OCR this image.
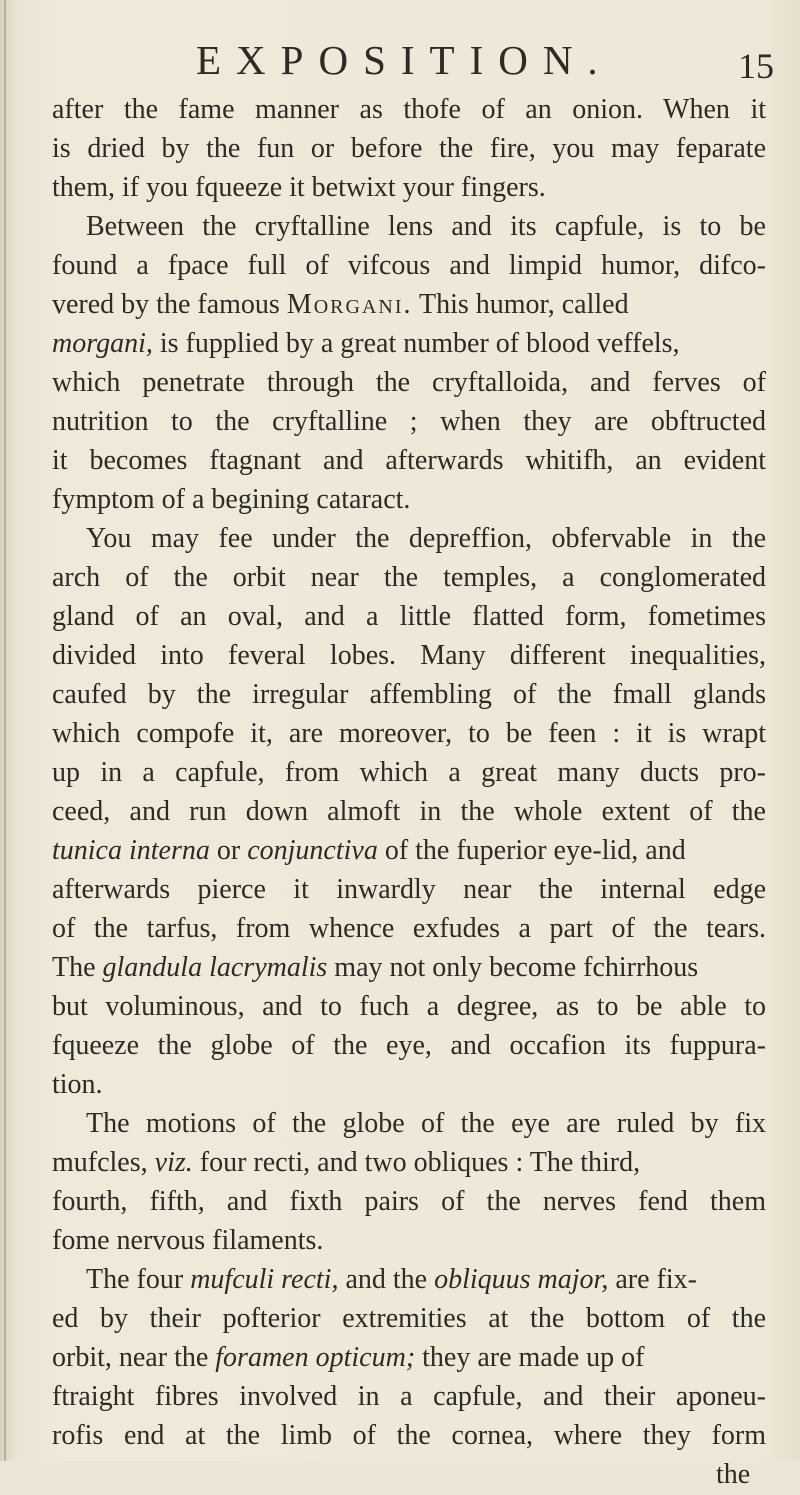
EXPOSITION.	15
after the fame manner as thofe of an onion. When it
is dried by the fun or before the fire, you may feparate
them, if you fqueeze it betwixt your fingers.
Between the cryftalline lens and its capfule, is to be
found a fpace full of vifcous and limpid humor, difco-
vered by the famous Morgani. This humor, called
morgani, is fupplied by a great number of blood veffels,
which penetrate through the cryftalloida, and ferves of
nutrition to the cryftalline ; when they are obftructed
it becomes ftagnant and afterwards whitifh, an evident
fymptom of a begining cataract.
You may fee under the depreffion, obfervable in the
arch of the orbit near the temples, a conglomerated
gland of an oval, and a little flatted form, fometimes
divided into feveral lobes. Many different inequalities,
caufed by the irregular affembling of the fmall glands
which compofe it, are moreover, to be feen : it is wrapt
up in a capfule, from which a great many ducts pro-
ceed, and run down almoft in the whole extent of the
tunica interna or conjunctiva of the fuperior eye-lid, and
afterwards pierce it inwardly near the internal edge
of the tarfus, from whence exfudes a part of the tears.
The glandula lacrymalis may not only become fchirrhous
but voluminous, and to fuch a degree, as to be able to
fqueeze the globe of the eye, and occafion its fuppura-
tion.
The motions of the globe of the eye are ruled by fix
mufcles, viz. four recti, and two obliques : The third,
fourth, fifth, and fixth pairs of the nerves fend them
fome nervous filaments.
The four mufculi recti, and the obliquus major, are fix-
ed by their pofterior extremities at the bottom of the
orbit, near the foramen opticum; they are made up of
ftraight fibres involved in a capfule, and their aponeu-
rofis end at the limb of the cornea, where they form
the
